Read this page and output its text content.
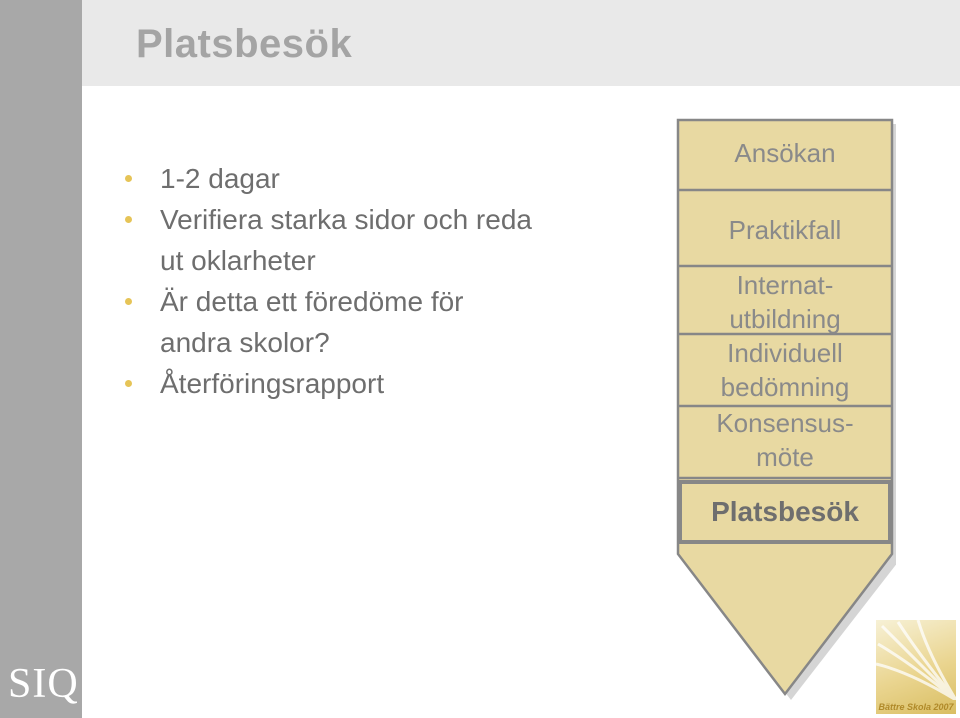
Platsbesök
1-2 dagar
Verifiera starka sidor och reda ut oklarheter
Är detta ett föredöme för andra skolor?
Återföringsrapport
Ansökan
Praktikfall
Internat-
utbildning
Individuell
bedömning
Konsensus-
möte
Platsbesök
SIQ	Bättre Skola 2007
